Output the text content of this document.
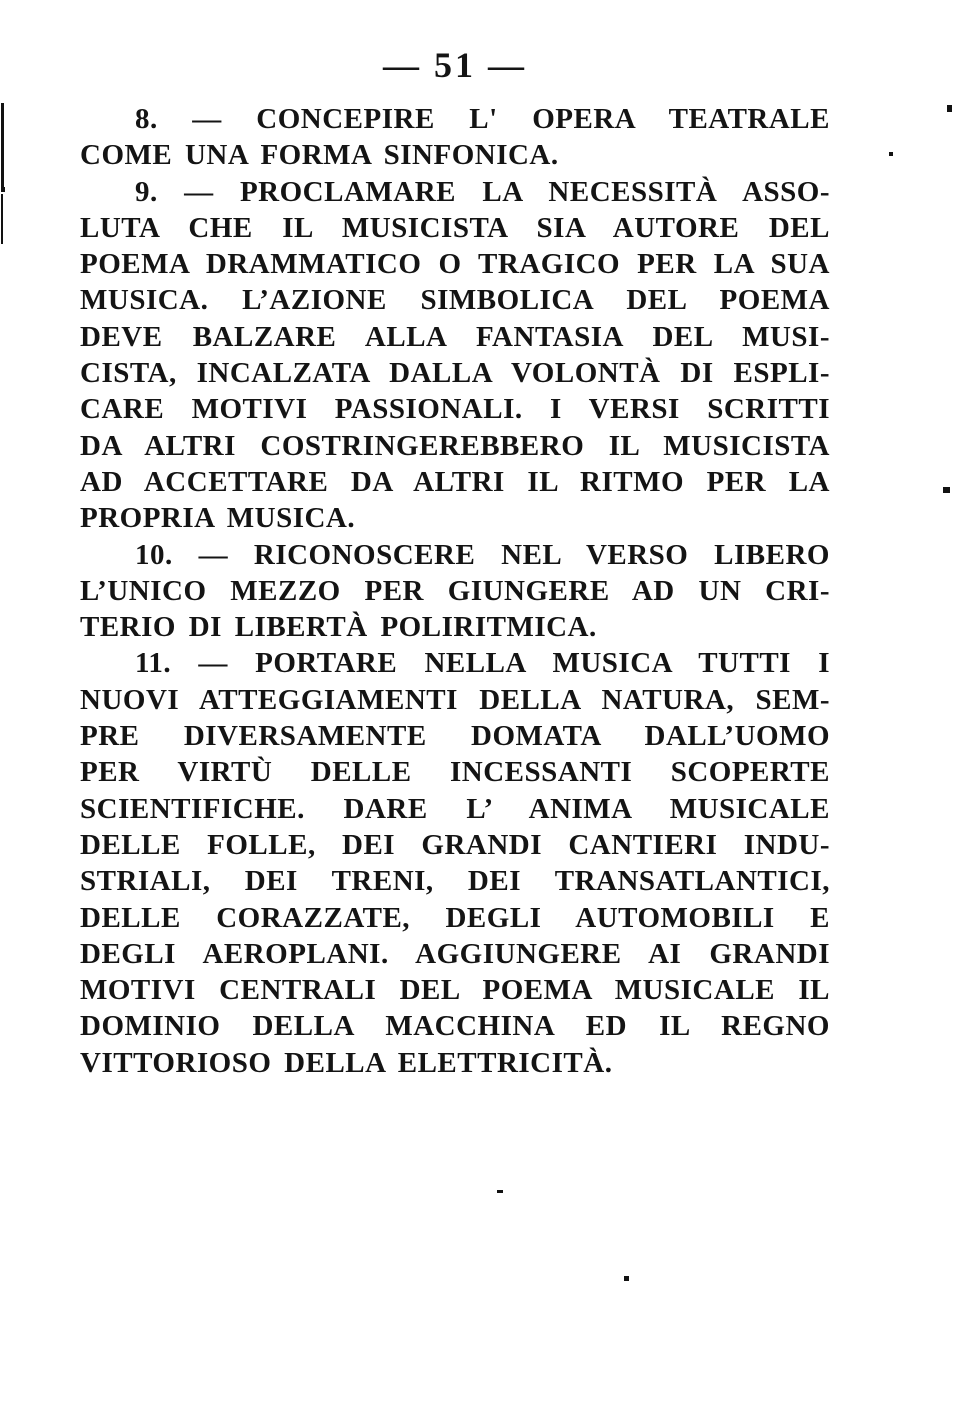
— 51 —
8. — CONCEPIRE L' OPERA TEATRALE
COME UNA FORMA SINFONICA.
9. — PROCLAMARE LA NECESSITÀ ASSO-
LUTA CHE IL MUSICISTA SIA AUTORE DEL
POEMA DRAMMATICO O TRAGICO PER LA SUA
MUSICA. L’AZIONE SIMBOLICA DEL POEMA
DEVE BALZARE ALLA FANTASIA DEL MUSI-
CISTA, INCALZATA DALLA VOLONTÀ DI ESPLI-
CARE MOTIVI PASSIONALI. I VERSI SCRITTI
DA ALTRI COSTRINGEREBBERO IL MUSICISTA
AD ACCETTARE DA ALTRI IL RITMO PER LA
PROPRIA MUSICA.
10. — RICONOSCERE NEL VERSO LIBERO
L’UNICO MEZZO PER GIUNGERE AD UN CRI-
TERIO DI LIBERTÀ POLIRITMICA.
11. — PORTARE NELLA MUSICA TUTTI I
NUOVI ATTEGGIAMENTI DELLA NATURA, SEM-
PRE DIVERSAMENTE DOMATA DALL’UOMO
PER VIRTÙ DELLE INCESSANTI SCOPERTE
SCIENTIFICHE. DARE L’ ANIMA MUSICALE
DELLE FOLLE, DEI GRANDI CANTIERI INDU-
STRIALI, DEI TRENI, DEI TRANSATLANTICI,
DELLE CORAZZATE, DEGLI AUTOMOBILI E
DEGLI AEROPLANI. AGGIUNGERE AI GRANDI
MOTIVI CENTRALI DEL POEMA MUSICALE IL
DOMINIO DELLA MACCHINA ED IL REGNO
VITTORIOSO DELLA ELETTRICITÀ.
